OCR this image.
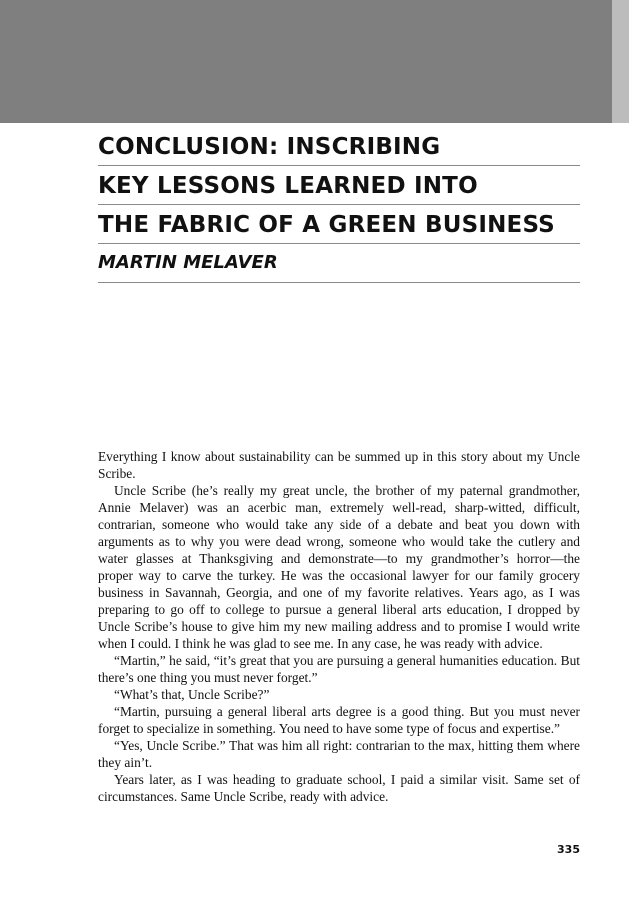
CONCLUSION: INSCRIBING
KEY LESSONS LEARNED INTO
THE FABRIC OF A GREEN BUSINESS
MARTIN MELAVER

Everything I know about sustainability can be summed up in this story about my Uncle Scribe.

Uncle Scribe (he’s really my great uncle, the brother of my paternal grandmother, Annie Melaver) was an acerbic man, extremely well-read, sharp-witted, difficult, contrarian, someone who would take any side of a debate and beat you down with arguments as to why you were dead wrong, someone who would take the cutlery and water glasses at Thanksgiving and demonstrate—to my grandmother’s horror—the proper way to carve the turkey. He was the occasional lawyer for our family grocery business in Savannah, Georgia, and one of my favorite relatives. Years ago, as I was preparing to go off to college to pursue a general liberal arts education, I dropped by Uncle Scribe’s house to give him my new mailing address and to promise I would write when I could. I think he was glad to see me. In any case, he was ready with advice.

“Martin,” he said, “it’s great that you are pursuing a general humanities education. But there’s one thing you must never forget.”

“What’s that, Uncle Scribe?”

“Martin, pursuing a general liberal arts degree is a good thing. But you must never forget to specialize in something. You need to have some type of focus and expertise.”

“Yes, Uncle Scribe.” That was him all right: contrarian to the max, hitting them where they ain’t.

Years later, as I was heading to graduate school, I paid a similar visit. Same set of circumstances. Same Uncle Scribe, ready with advice.

335
